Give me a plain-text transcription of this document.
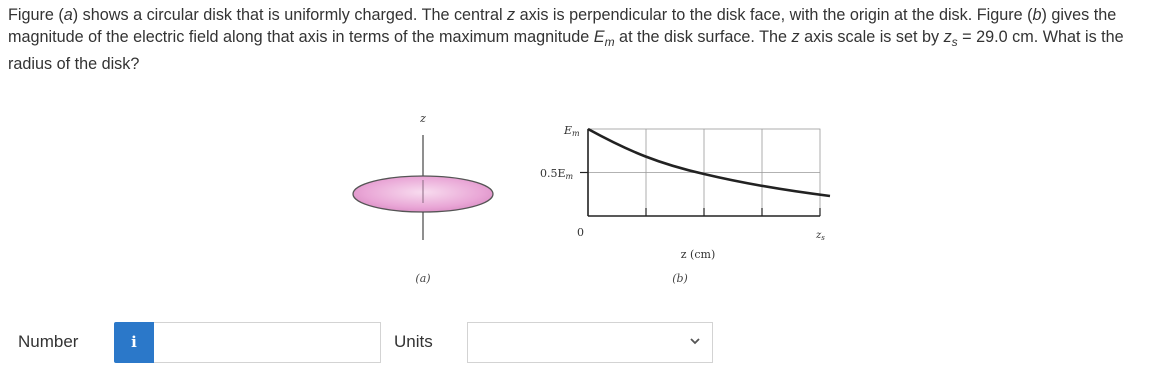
Figure (a) shows a circular disk that is uniformly charged. The central z axis is perpendicular to the disk face, with the origin at the disk. Figure (b) gives the magnitude of the electric field along that axis in terms of the maximum magnitude $E_m$ at the disk surface. The z axis scale is set by $z_s = 29.0$ cm. What is the radius of the disk?

z
(a)
Em
0.5Em
0	$z_s$
z (cm)
(b)
Number	i	Units
